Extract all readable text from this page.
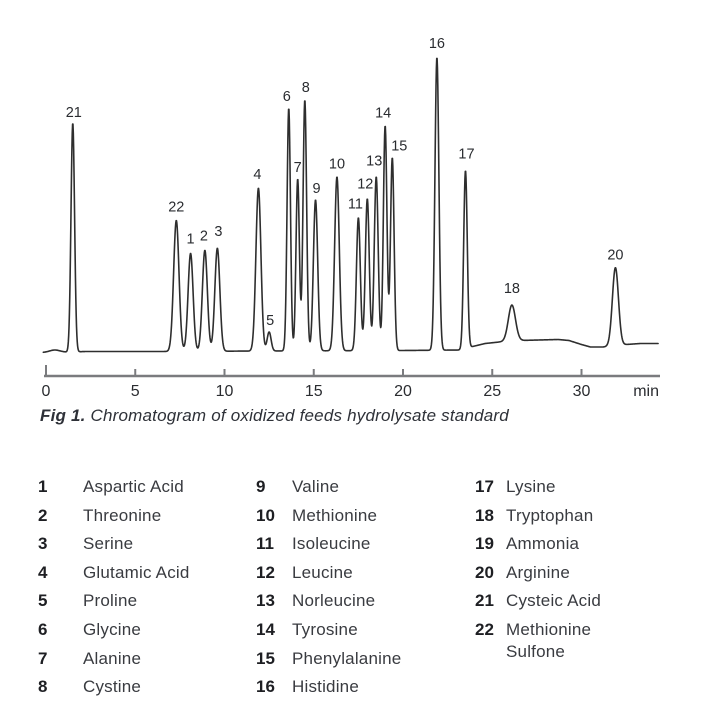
0	5	10	15	20	25	30	min
21
22
1 2 3
4
5
6
7
8
9
10
11
12
13
14
15
16
17
18
20
Fig 1. Chromatogram of oxidized feeds hydrolysate standard
1	Aspartic Acid
2	Threonine
3	Serine
4	Glutamic Acid
5	Proline
6	Glycine
7	Alanine
8	Cystine
9	Valine
10	Methionine
11	Isoleucine
12	Leucine
13	Norleucine
14	Tyrosine
15	Phenylalanine
16	Histidine
17 Lysine
18 Tryptophan
19 Ammonia
20 Arginine
21 Cysteic Acid
22 Methionine
Sulfone
